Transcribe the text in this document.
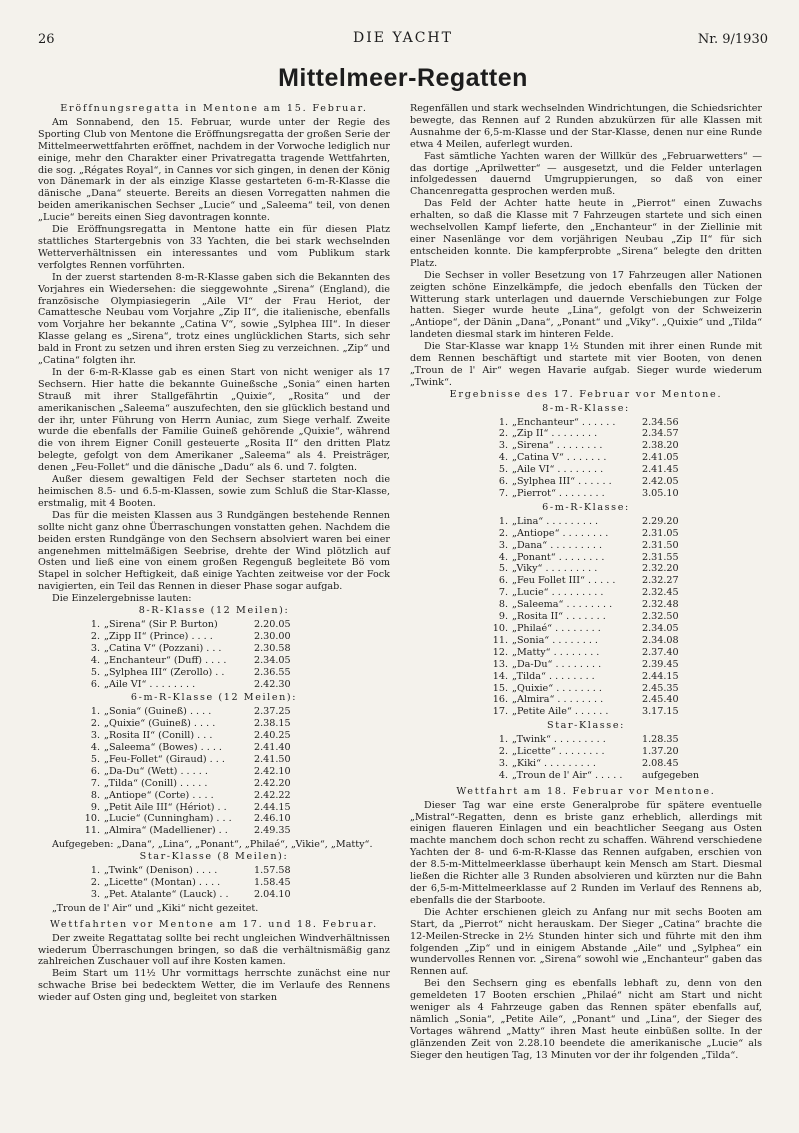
26	DIE YACHT	Nr. 9/1930
Mittelmeer-Regatten

Eröffnungsregatta in Mentone am 15. Februar.

Am Sonnabend, den 15. Februar, wurde unter der Regie des Sporting Club von Mentone die Eröffnungsregatta der großen Serie der Mittelmeerwettfahrten eröffnet, nachdem in der Vorwoche lediglich nur einige, mehr den Charakter einer Privatregatta tragende Wettfahrten, die sog. „Régates Royal“, in Cannes vor sich gingen, in denen der König von Dänemark in der als einzige Klasse gestarteten 6-m-R-Klasse die dänische „Dana“ steuerte. Bereits an diesen Vorregatten nahmen die beiden amerikanischen Sechser „Lucie“ und „Saleema“ teil, von denen „Lucie“ bereits einen Sieg davontragen konnte.

Die Eröffnungsregatta in Mentone hatte ein für diesen Platz stattliches Startergebnis von 33 Yachten, die bei stark wechselnden Wetterverhältnissen ein interessantes und vom Publikum stark verfolgtes Rennen vorführten.

In der zuerst startenden 8-m-R-Klasse gaben sich die Bekannten des Vorjahres ein Wiedersehen: die sieggewohnte „Sirena“ (England), die französische Olympiasiegerin „Aile VI“ der Frau Heriot, der Camattesche Neubau vom Vorjahre „Zip II“, die italienische, ebenfalls vom Vorjahre her bekannte „Catina V“, sowie „Sylphea III“. In dieser Klasse gelang es „Sirena“, trotz eines unglücklichen Starts, sich sehr bald in Front zu setzen und ihren ersten Sieg zu verzeichnen. „Zip“ und „Catina“ folgten ihr.

In der 6-m-R-Klasse gab es einen Start von nicht weniger als 17 Sechsern. Hier hatte die bekannte Guineßsche „Sonia“ einen harten Strauß mit ihrer Stallgefährtin „Quixie“, „Rosita“ und der amerikanischen „Saleema“ auszufechten, den sie glücklich bestand und der ihr, unter Führung von Herrn Auniac, zum Siege verhalf. Zweite wurde die ebenfalls der Familie Guineß gehörende „Quixie“, während die von ihrem Eigner Conill gesteuerte „Rosita II“ den dritten Platz belegte, gefolgt von dem Amerikaner „Saleema“ als 4. Preisträger, denen „Feu-Follet“ und die dänische „Dadu“ als 6. und 7. folgten.

Außer diesem gewaltigen Feld der Sechser starteten noch die heimischen 8.5- und 6.5-m-Klassen, sowie zum Schluß die Star-Klasse, erstmalig, mit 4 Booten.

Das für die meisten Klassen aus 3 Rundgängen bestehende Rennen sollte nicht ganz ohne Überraschungen vonstatten gehen. Nachdem die beiden ersten Rundgänge von den Sechsern absolviert waren bei einer angenehmen mittelmäßigen Seebrise, drehte der Wind plötzlich auf Osten und ließ eine von einem großen Regenguß begleitete Bö vom Stapel in solcher Heftigkeit, daß einige Yachten zeitweise vor der Fock navigierten, ein Teil das Rennen in dieser Phase sogar aufgab.

Die Einzelergebnisse lauten:

8-R-Klasse (12 Meilen):
1. „Sirena“ (Sir P. Burton)	2.20.05
2. „Zipp II“ (Prince) . . . .	2.30.00
3. „Catina V“ (Pozzani) . . .	2.30.58
4. „Enchanteur“ (Duff) . . . .	2.34.05
5. „Sylphea III“ (Zerollo) . .	2.36.55
6. „Aile VI“ . . . . . . . .	2.42.30
6-m-R-Klasse (12 Meilen):
1. „Sonia“ (Guineß) . . . .	2.37.25
2. „Quixie“ (Guineß) . . . .	2.38.15
3. „Rosita II“ (Conill) . . .	2.40.25
4. „Saleema“ (Bowes) . . . .	2.41.40
5. „Feu-Follet“ (Giraud) . . .	2.41.50
6. „Da-Du“ (Wett) . . . . .	2.42.10
7. „Tilda“ (Conill) . . . . .	2.42.20
8. „Antiope“ (Corte) . . . .	2.42.22
9. „Petit Aile III“ (Hériot) . .	2.44.15
10. „Lucie“ (Cunningham) . . .	2.46.10
11. „Almira“ (Madelliener) . .	2.49.35

Aufgegeben: „Dana“, „Lina“, „Ponant“, „Philaé“, „Vikie“, „Matty“.

Star-Klasse (8 Meilen):
1. „Twink“ (Denison) . . . .	1.57.58
2. „Licette“ (Montan) . . . .	1.58.45
3. „Pet. Atalante“ (Lauck) . .	2.04.10

„Troun de l' Air“ und „Kiki“ nicht gezeitet.

Wettfahrten vor Mentone am 17. und 18. Februar.

Der zweite Regattatag sollte bei recht ungleichen Windverhältnissen wiederum Überraschungen bringen, so daß die verhältnismäßig ganz zahlreichen Zuschauer voll auf ihre Kosten kamen.

Beim Start um 11½ Uhr vormittags herrschte zunächst eine nur schwache Brise bei bedecktem Wetter, die im Verlaufe des Rennens wieder auf Osten ging und, begleitet von starken

Regenfällen und stark wechselnden Windrichtungen, die Schiedsrichter bewegte, das Rennen auf 2 Runden abzukürzen für alle Klassen mit Ausnahme der 6,5-m-Klasse und der Star-Klasse, denen nur eine Runde etwa 4 Meilen, auferlegt wurden.

Fast sämtliche Yachten waren der Willkür des „Februarwetters“ — das dortige „Aprilwetter“ — ausgesetzt, und die Felder unterlagen infolgedessen dauernd Umgruppierungen, so daß von einer Chancenregatta gesprochen werden muß.

Das Feld der Achter hatte heute in „Pierrot“ einen Zuwachs erhalten, so daß die Klasse mit 7 Fahrzeugen startete und sich einen wechselvollen Kampf lieferte, den „Enchanteur“ in der Ziellinie mit einer Nasenlänge vor dem vorjährigen Neubau „Zip II“ für sich entscheiden konnte. Die kampferprobte „Sirena“ belegte den dritten Platz.

Die Sechser in voller Besetzung von 17 Fahrzeugen aller Nationen zeigten schöne Einzelkämpfe, die jedoch ebenfalls den Tücken der Witterung stark unterlagen und dauernde Verschiebungen zur Folge hatten. Sieger wurde heute „Lina“, gefolgt von der Schweizerin „Antiope“, der Dänin „Dana“, „Ponant“ und „Viky“. „Quixie“ und „Tilda“ landeten diesmal stark im hinteren Felde.

Die Star-Klasse war knapp 1½ Stunden mit ihrer einen Runde mit dem Rennen beschäftigt und startete mit vier Booten, von denen „Troun de l' Air“ wegen Havarie aufgab. Sieger wurde wiederum „Twink“.

Ergebnisse des 17. Februar vor Mentone.

8-m-R-Klasse:
1. „Enchanteur“ . . . . . .	2.34.56
2. „Zip II“ . . . . . . . .	2.34.57
3. „Sirena“ . . . . . . . .	2.38.20
4. „Catina V“ . . . . . . .	2.41.05
5. „Aile VI“ . . . . . . . .	2.41.45
6. „Sylphea III“ . . . . . .	2.42.05
7. „Pierrot“ . . . . . . . .	3.05.10
6-m-R-Klasse:
1. „Lina“ . . . . . . . . .	2.29.20
2. „Antiope“ . . . . . . . .	2.31.05
3. „Dana“ . . . . . . . . .	2.31.50
4. „Ponant“ . . . . . . . .	2.31.55
5. „Viky“ . . . . . . . . .	2.32.20
6. „Feu Follet III“ . . . . .	2.32.27
7. „Lucie“ . . . . . . . . .	2.32.45
8. „Saleema“ . . . . . . . .	2.32.48
9. „Rosita II“ . . . . . . .	2.32.50
10. „Philaé“ . . . . . . . .	2.34.05
11. „Sonia“ . . . . . . . .	2.34.08
12. „Matty“ . . . . . . . .	2.37.40
13. „Da-Du“ . . . . . . . .	2.39.45
14. „Tilda“ . . . . . . . .	2.44.15
15. „Quixie“ . . . . . . . .	2.45.35
16. „Almira“ . . . . . . . .	2.45.40
17. „Petite Aile“ . . . . . .	3.17.15
Star-Klasse:
1. „Twink“ . . . . . . . . .	1.28.35
2. „Licette“ . . . . . . . .	1.37.20
3. „Kiki“ . . . . . . . . .	2.08.45
4. „Troun de l' Air“ . . . . .	aufgegeben

Wettfahrt am 18. Februar vor Mentone.

Dieser Tag war eine erste Generalprobe für spätere eventuelle „Mistral“-Regatten, denn es briste ganz erheblich, allerdings mit einigen flaueren Einlagen und ein beachtlicher Seegang aus Osten machte manchem doch schon recht zu schaffen. Während verschiedene Yachten der 8- und 6-m-R-Klasse das Rennen aufgaben, erschien von der 8.5-m-Mittelmeerklasse überhaupt kein Mensch am Start. Diesmal ließen die Richter alle 3 Runden absolvieren und kürzten nur die Bahn der 6,5-m-Mittelmeerklasse auf 2 Runden im Verlauf des Rennens ab, ebenfalls die der Starboote.

Die Achter erschienen gleich zu Anfang nur mit sechs Booten am Start, da „Pierrot“ nicht herauskam. Der Sieger „Catina“ brachte die 12-Meilen-Strecke in 2½ Stunden hinter sich und führte mit den ihm folgenden „Zip“ und in einigem Abstande „Aile“ und „Sylphea“ ein wundervolles Rennen vor. „Sirena“ sowohl wie „Enchanteur“ gaben das Rennen auf.

Bei den Sechsern ging es ebenfalls lebhaft zu, denn von den gemeldeten 17 Booten erschien „Philaé“ nicht am Start und nicht weniger als 4 Fahrzeuge gaben das Rennen später ebenfalls auf, nämlich „Sonia“, „Petite Aile“, „Ponant“ und „Lina“, der Sieger des Vortages während „Matty“ ihren Mast heute einbüßen sollte. In der glänzenden Zeit von 2.28.10 beendete die amerikanische „Lucie“ als Sieger den heutigen Tag, 13 Minuten vor der ihr folgenden „Tilda“.
